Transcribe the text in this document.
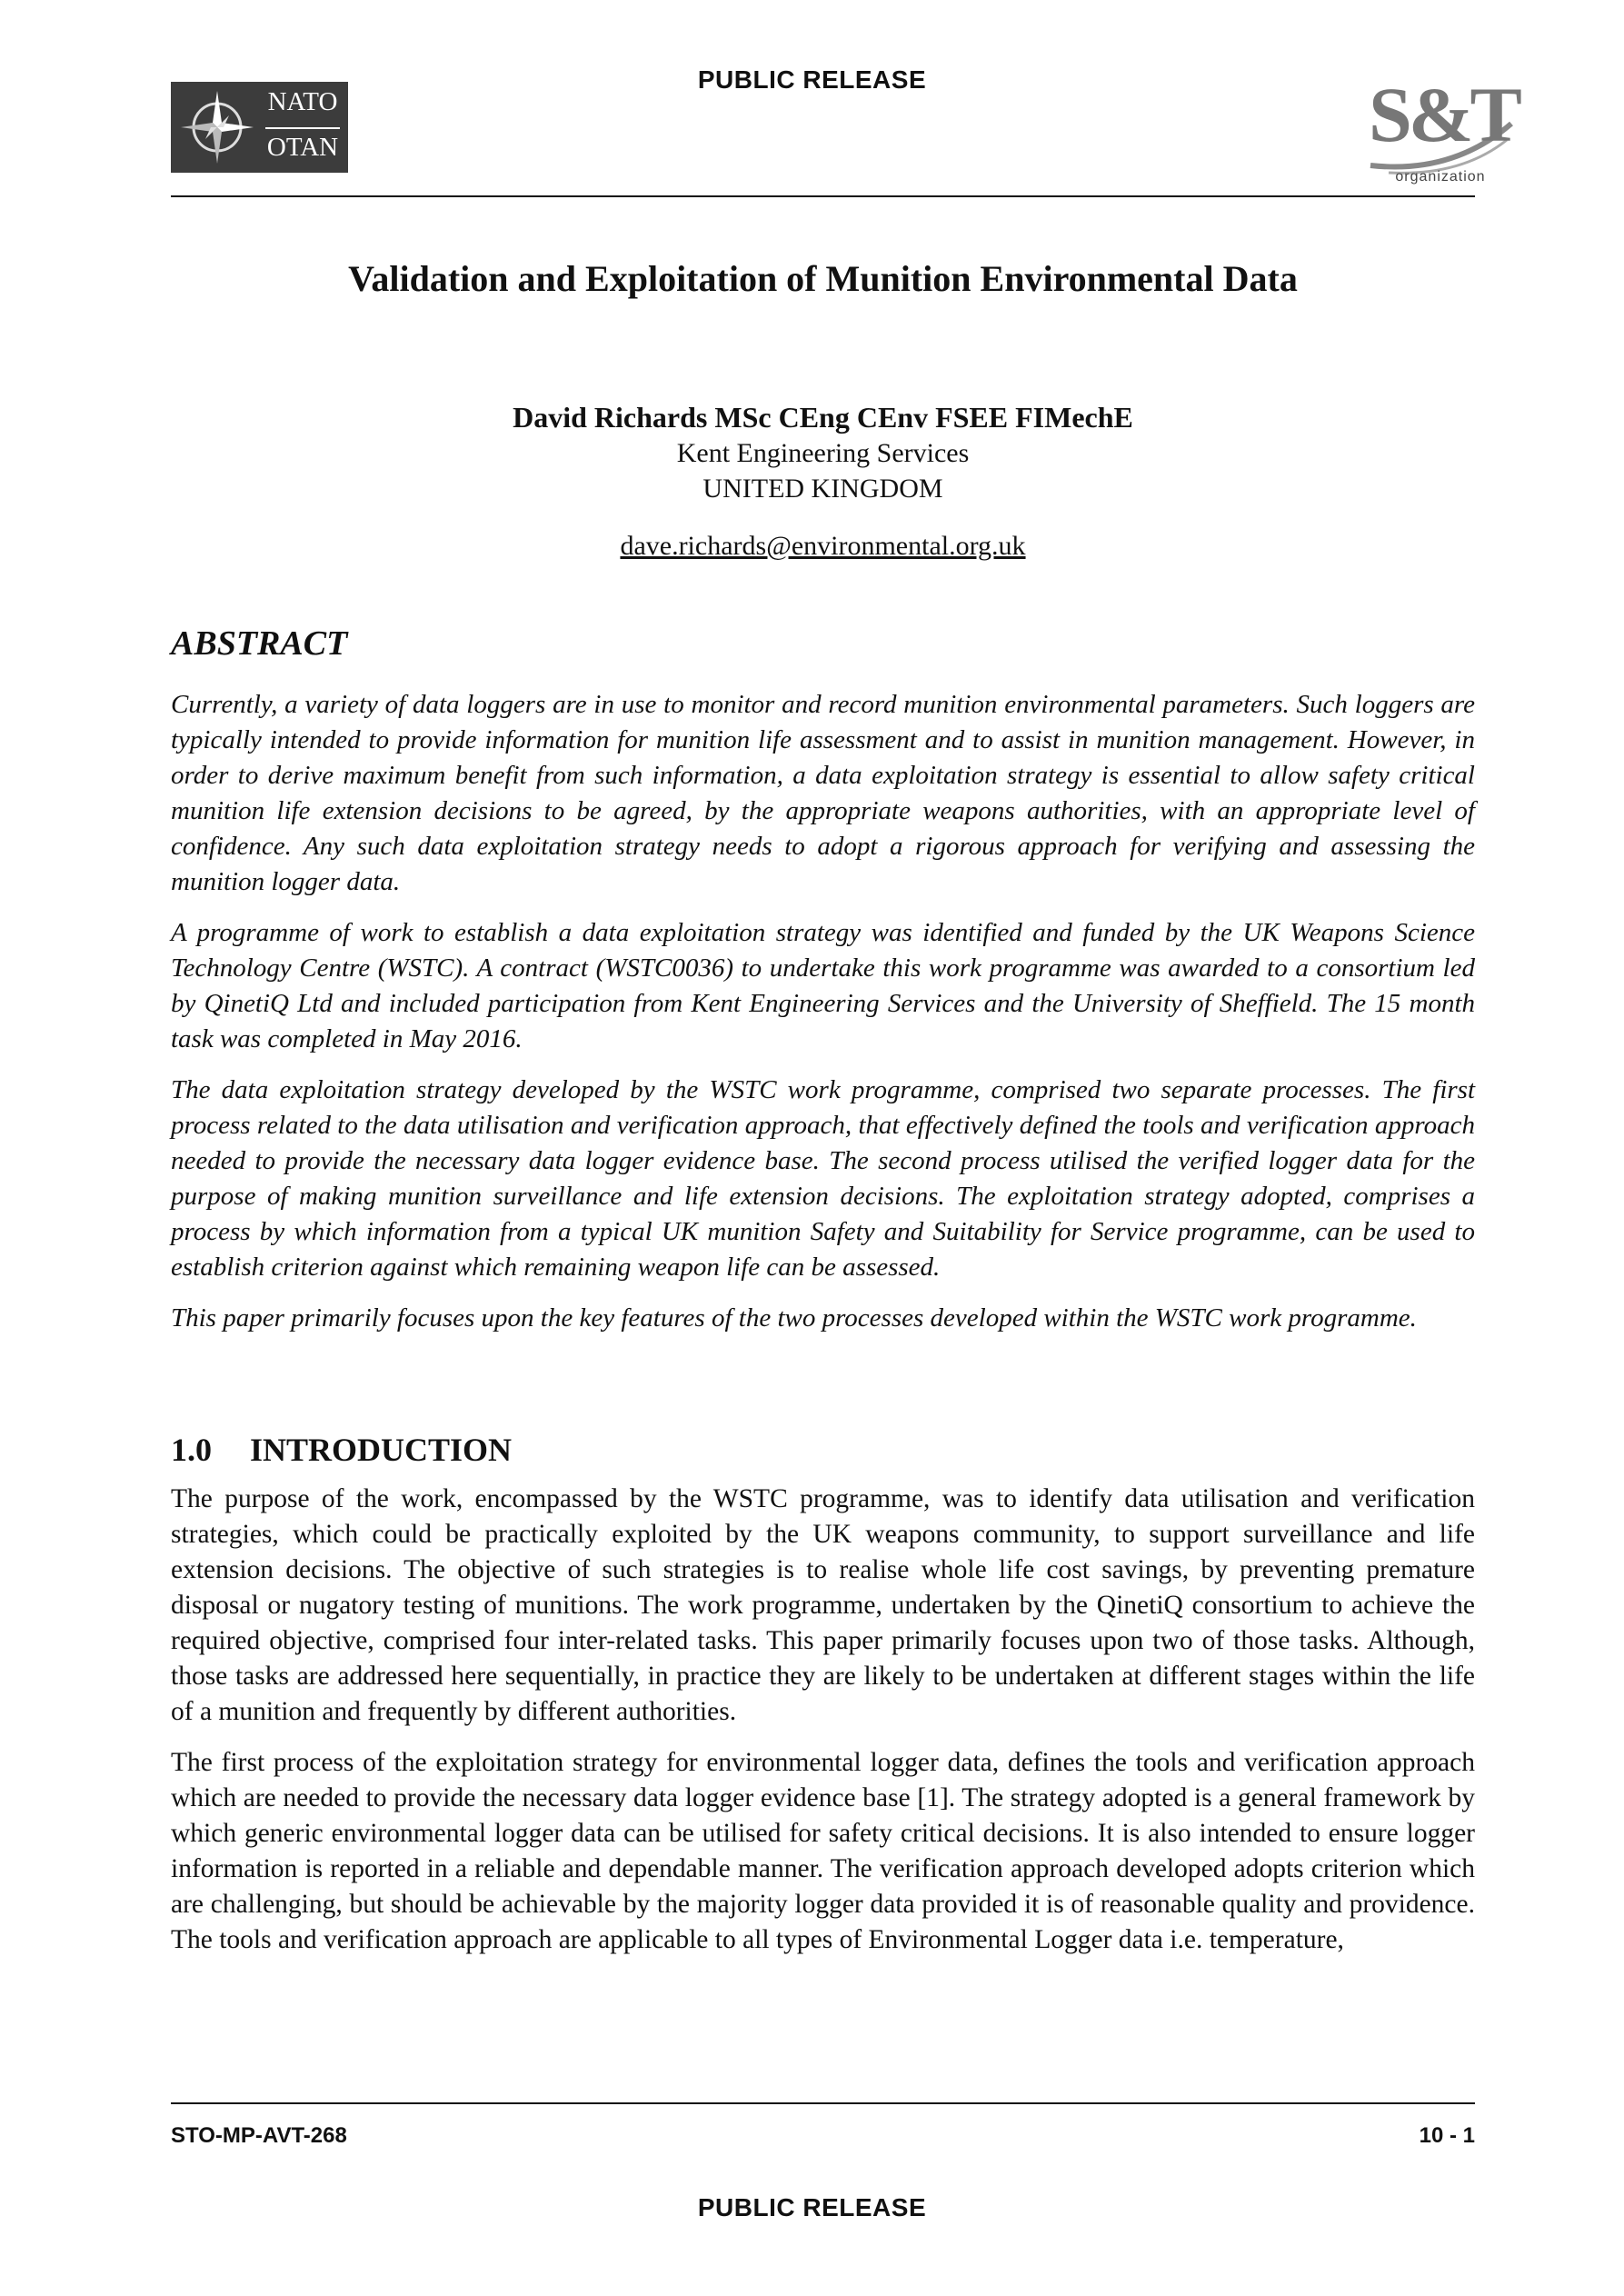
PUBLIC RELEASE
NATO
OTAN	S&T
organization
Validation and Exploitation of Munition Environmental Data
David Richards MSc CEng CEnv FSEE FIMechE
Kent Engineering Services
UNITED KINGDOM
dave.richards@environmental.org.uk
ABSTRACT

Currently, a variety of data loggers are in use to monitor and record munition environmental parameters. Such loggers are typically intended to provide information for munition life assessment and to assist in munition management. However, in order to derive maximum benefit from such information, a data exploitation strategy is essential to allow safety critical munition life extension decisions to be agreed, by the appropriate weapons authorities, with an appropriate level of confidence. Any such data exploitation strategy needs to adopt a rigorous approach for verifying and assessing the munition logger data.

A programme of work to establish a data exploitation strategy was identified and funded by the UK Weapons Science Technology Centre (WSTC). A contract (WSTC0036) to undertake this work programme was awarded to a consortium led by QinetiQ Ltd and included participation from Kent Engineering Services and the University of Sheffield. The 15 month task was completed in May 2016.

The data exploitation strategy developed by the WSTC work programme, comprised two separate processes. The first process related to the data utilisation and verification approach, that effectively defined the tools and verification approach needed to provide the necessary data logger evidence base. The second process utilised the verified logger data for the purpose of making munition surveillance and life extension decisions. The exploitation strategy adopted, comprises a process by which information from a typical UK munition Safety and Suitability for Service programme, can be used to establish criterion against which remaining weapon life can be assessed.

This paper primarily focuses upon the key features of the two processes developed within the WSTC work programme.

1.0 INTRODUCTION

The purpose of the work, encompassed by the WSTC programme, was to identify data utilisation and verification strategies, which could be practically exploited by the UK weapons community, to support surveillance and life extension decisions. The objective of such strategies is to realise whole life cost savings, by preventing premature disposal or nugatory testing of munitions. The work programme, undertaken by the QinetiQ consortium to achieve the required objective, comprised four inter-related tasks. This paper primarily focuses upon two of those tasks. Although, those tasks are addressed here sequentially, in practice they are likely to be undertaken at different stages within the life of a munition and frequently by different authorities.

The first process of the exploitation strategy for environmental logger data, defines the tools and verification approach which are needed to provide the necessary data logger evidence base [1]. The strategy adopted is a general framework by which generic environmental logger data can be utilised for safety critical decisions. It is also intended to ensure logger information is reported in a reliable and dependable manner. The verification approach developed adopts criterion which are challenging, but should be achievable by the majority logger data provided it is of reasonable quality and providence. The tools and verification approach are applicable to all types of Environmental Logger data i.e. temperature,

STO-MP-AVT-268	10 - 1
PUBLIC RELEASE
